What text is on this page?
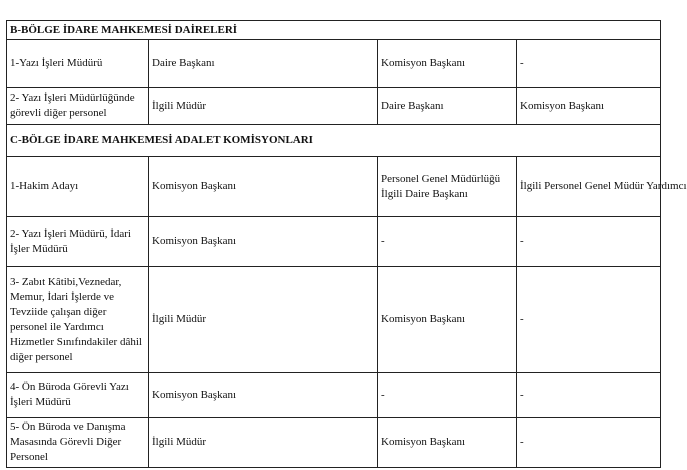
B-BÖLGE İDARE MAHKEMESİ DAİRELERİ			
1-Yazı İşleri Müdürü	Daire Başkanı	Komisyon Başkanı	-
2- Yazı İşleri Müdürlüğünde görevli diğer personel	İlgili Müdür	Daire Başkanı	Komisyon Başkanı
C-BÖLGE İDARE MAHKEMESİ ADALET KOMİSYONLARI			
1-Hakim Adayı	Komisyon Başkanı	Personel Genel Müdürlüğü İlgili Daire Başkanı	İlgili Personel Genel Müdür Yardımcı
2- Yazı İşleri Müdürü, İdari İşler Müdürü	Komisyon Başkanı	-	-
3- Zabıt Kâtibi,Veznedar, Memur, İdari İşlerde ve Tevziide çalışan diğer personel ile Yardımcı Hizmetler Sınıfındakiler dâhil diğer personel	İlgili Müdür	Komisyon Başkanı	-
4- Ön Büroda Görevli Yazı İşleri Müdürü	Komisyon Başkanı	-	-
5- Ön Büroda ve Danışma Masasında Görevli Diğer Personel	İlgili Müdür	Komisyon Başkanı	-
